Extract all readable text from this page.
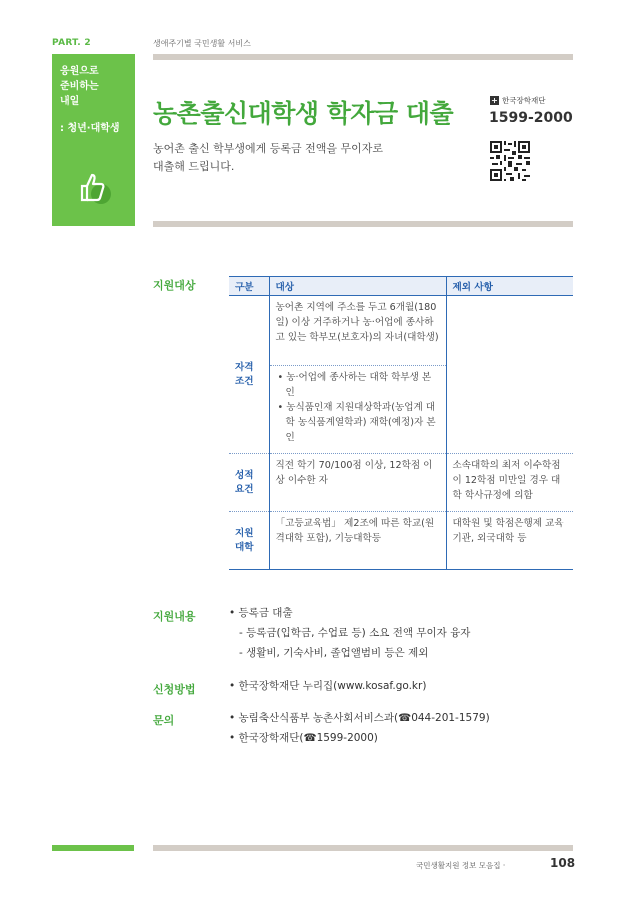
PART. 2	생애주기별 국민생활 서비스
응원으로
준비하는
내일
: 청년·대학생
농촌출신대학생 학자금 대출
농어촌 출신 학부생에게 등록금 전액을 무이자로
대출해 드립니다.
+ 한국장학재단
1599-2000
지원대상	구분	대상	제외 사항
자격
조건	농어촌 지역에 주소를 두고 6개월(180일) 이상 거주하거나 농·어업에 종사하고 있는 학부모(보호자)의 자녀(대학생)	

	• 농·어업에 종사하는 대학 학부생 본인
• 농식품인재 지원대상학과(농업계 대학 농식품계열학과) 재학(예정)자 본인	

성적
요건	직전 학기 70/100점 이상, 12학점 이상 이수한 자	소속대학의 최저 이수학점이 12학점 미만일 경우 대학 학사규정에 의함
지원
대학	「고등교육법」 제2조에 따른 학교(원격대학 포함), 기능대학등	대학원 및 학점은행제 교육기관, 외국대학 등
지원내용	• 등록금 대출
- 등록금(입학금, 수업료 등) 소요 전액 무이자 융자
- 생활비, 기숙사비, 졸업앨범비 등은 제외
신청방법	• 한국장학재단 누리집(www.kosaf.go.kr)
문의	• 농림축산식품부 농촌사회서비스과(☎044-201-1579)
• 한국장학재단(☎1599-2000)
국민생활지원 정보 모음집 ·	108
